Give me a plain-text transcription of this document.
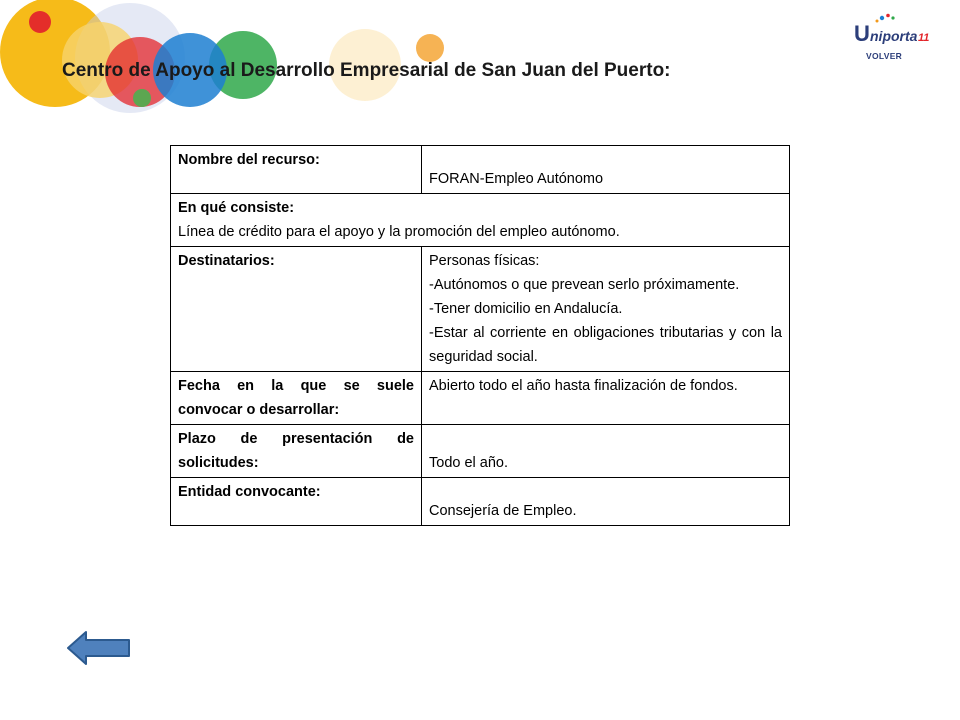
Centro de Apoyo al Desarrollo Empresarial de San Juan del Puerto:
U niporta 11
VOLVER
Nombre del recurso:	FORAN-Empleo Autónomo

En qué consiste:
Línea de crédito para el apoyo y la promoción del empleo autónomo.	

Destinatarios:	Personas físicas:
-Autónomos o que prevean serlo próximamente.
-Tener domicilio en Andalucía.
-Estar al corriente en obligaciones tributarias y con la seguridad social.

Fecha en la que se suele convocar o desarrollar:	Abierto todo el año hasta finalización de fondos.
Plazo de presentación de solicitudes:	Todo el año.
Entidad convocante:	Consejería de Empleo.
